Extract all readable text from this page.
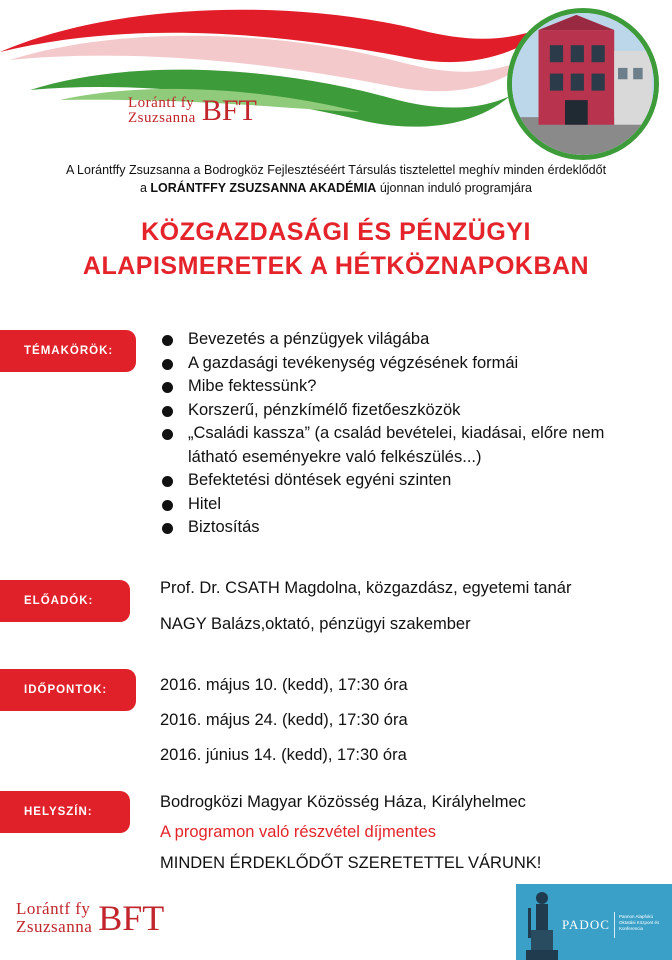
Lorántf fy
Zsuzsanna BFT
A Lorántffy Zsuzsanna a Bodrogköz Fejlesztéséért Társulás tisztelettel meghív minden érdeklődőt
a LORÁNTFFY ZSUZSANNA AKADÉMIA újonnan induló programjára
KÖZGAZDASÁGI ÉS PÉNZÜGYI
ALAPISMERETEK A HÉTKÖZNAPOKBAN
TÉMAKÖRÖK:
Bevezetés a pénzügyek világába
A gazdasági tevékenység végzésének formái
Mibe fektessünk?
Korszerű, pénzkímélő fizetőeszközök
„Családi kassza” (a család bevételei, kiadásai, előre nem látható eseményekre való felkészülés...)
Befektetési döntések egyéni szinten
Hitel
Biztosítás
ELŐADÓK:
Prof. Dr. CSATH Magdolna, közgazdász, egyetemi tanár
NAGY Balázs,oktató, pénzügyi szakember
IDŐPONTOK:	2016. május 10. (kedd), 17:30 óra
2016. május 24. (kedd), 17:30 óra
2016. június 14. (kedd), 17:30 óra
HELYSZÍN:
Bodrogközi Magyar Közösség Háza, Királyhelmec
A programon való részvétel díjmentes
MINDEN ÉRDEKLŐDŐT SZERETETTEL VÁRUNK!
Lorántf fy
Zsuzsanna BFT	PADOC
Pannon Alapfokú Oktatási Központ és Konferencia
